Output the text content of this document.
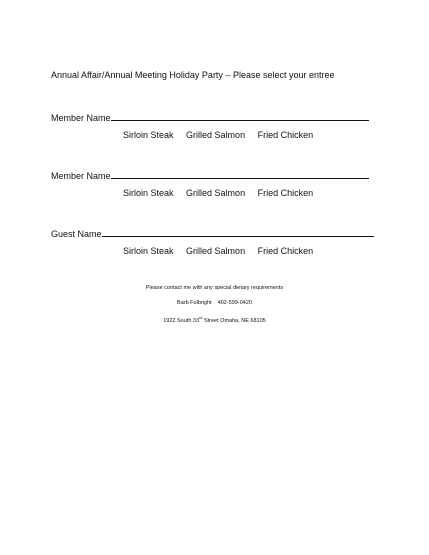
Annual Affair/Annual Meeting Holiday Party – Please select your entree
Member Name
Sirloin Steak Grilled Salmon Fried Chicken
Member Name
Sirloin Steak Grilled Salmon Fried Chicken
Guest Name
Sirloin Steak Grilled Salmon Fried Chicken
Please contact me with any special dietary requirements
Barb Fulbright    402-599-0420
1922 South 33rd Street Omaha, NE 68105
